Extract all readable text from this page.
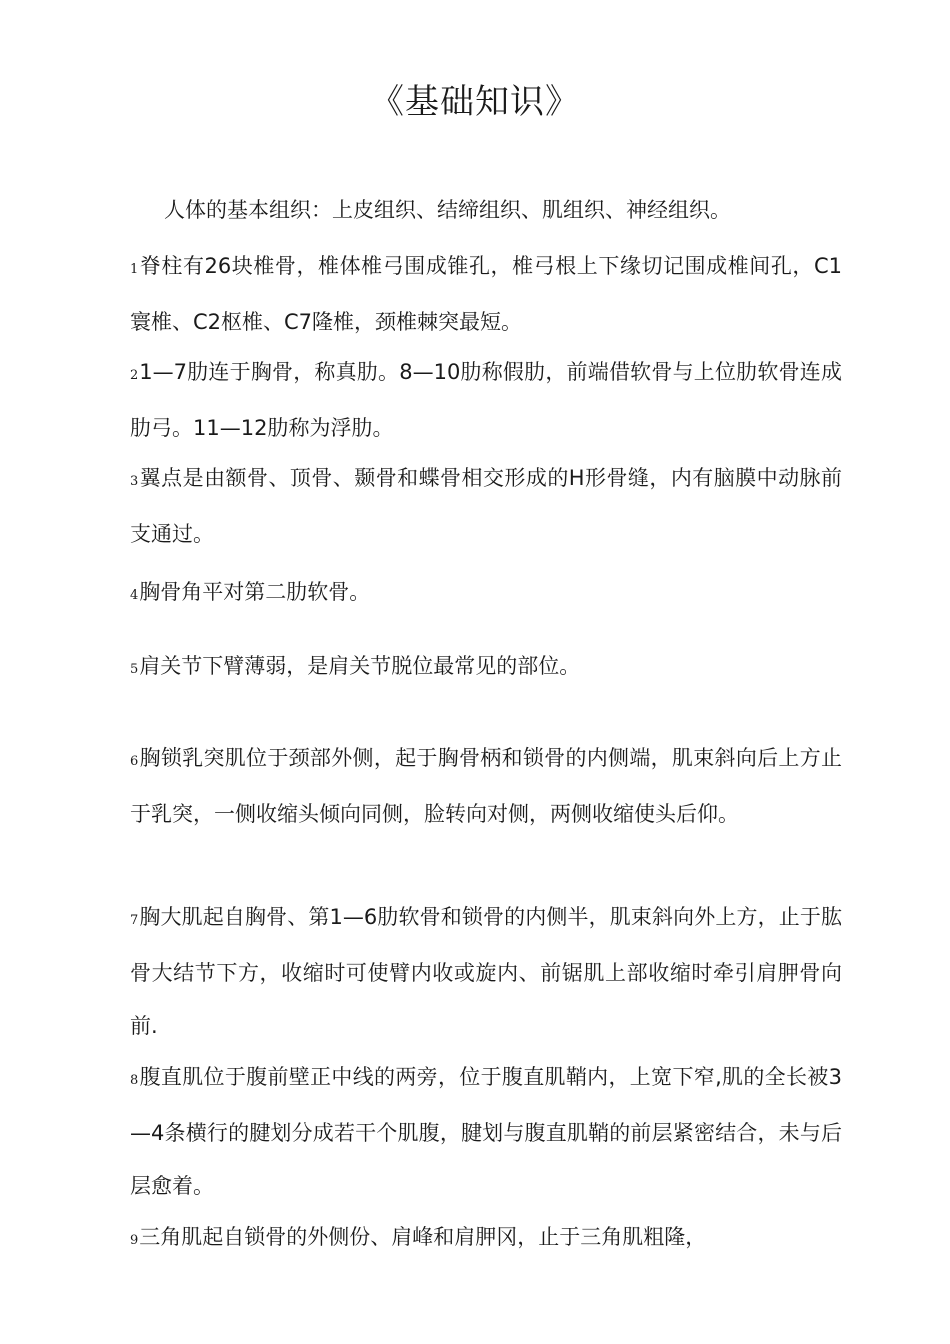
《基础知识》
人体的基本组织：上皮组织、结缔组织、肌组织、神经组织。
1脊柱有26块椎骨，椎体椎弓围成锥孔，椎弓根上下缘切记围成椎间孔，C1寰椎、C2枢椎、C7隆椎，颈椎棘突最短。
21—7肋连于胸骨，称真肋。8—10肋称假肋，前端借软骨与上位肋软骨连成肋弓。11—12肋称为浮肋。
3翼点是由额骨、顶骨、颞骨和蝶骨相交形成的H形骨缝，内有脑膜中动脉前支通过。
4胸骨角平对第二肋软骨。
5肩关节下臂薄弱，是肩关节脱位最常见的部位。
6胸锁乳突肌位于颈部外侧，起于胸骨柄和锁骨的内侧端，肌束斜向后上方止于乳突，一侧收缩头倾向同侧，脸转向对侧，两侧收缩使头后仰。
7胸大肌起自胸骨、第1—6肋软骨和锁骨的内侧半，肌束斜向外上方，止于肱骨大结节下方，收缩时可使臂内收或旋内、前锯肌上部收缩时牵引肩胛骨向前.
8腹直肌位于腹前壁正中线的两旁，位于腹直肌鞘内，上宽下窄,肌的全长被3—4条横行的腱划分成若干个肌腹，腱划与腹直肌鞘的前层紧密结合，未与后层愈着。
9三角肌起自锁骨的外侧份、肩峰和肩胛冈，止于三角肌粗隆，
